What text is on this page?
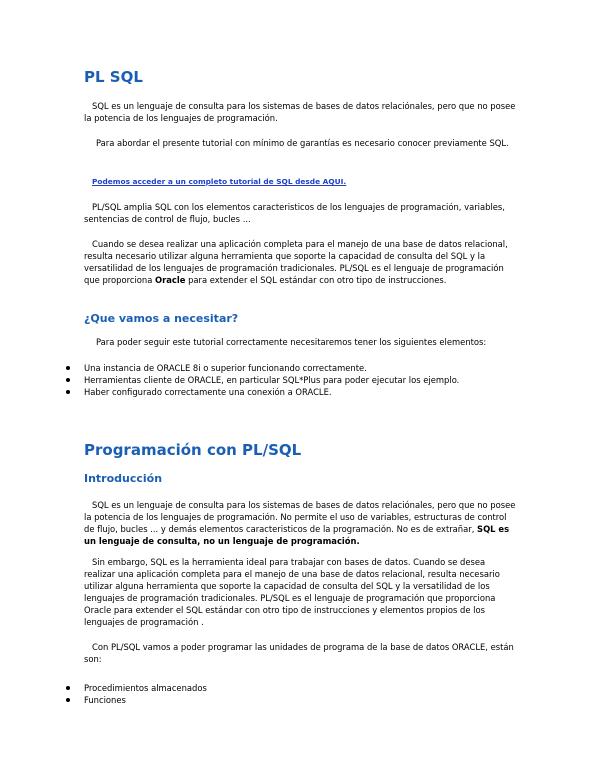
PL SQL

SQL es un lenguaje de consulta para los sistemas de bases de datos relaciónales, pero que no posee la potencia de los lenguajes de programación.

Para abordar el presente tutorial con mínimo de garantías es necesario conocer previamente SQL.

Podemos acceder a un completo tutorial de SQL desde AQUI.

PL/SQL amplia SQL con los elementos caracteristicos de los lenguajes de programación, variables, sentencias de control de flujo, bucles ...

Cuando se desea realizar una aplicación completa para el manejo de una base de datos relacional, resulta necesario utilizar alguna herramienta que soporte la capacidad de consulta del SQL y la versatilidad de los lenguajes de programación tradicionales. PL/SQL es el lenguaje de programación que proporciona Oracle para extender el SQL estándar con otro tipo de instrucciones.

¿Que vamos a necesitar?

Para poder seguir este tutorial correctamente necesitaremos tener los siguientes elementos:

Una instancia de ORACLE 8i o superior funcionando correctamente.
Herramientas cliente de ORACLE, en particular SQL*Plus para poder ejecutar los ejemplo.
Haber configurado correctamente una conexión a ORACLE.
Programación con PL/SQL
Introducción

SQL es un lenguaje de consulta para los sistemas de bases de datos relaciónales, pero que no posee la potencia de los lenguajes de programación. No permite el uso de variables, estructuras de control de flujo, bucles ... y demás elementos caracteristicos de la programación. No es de extrañar, SQL es un lenguaje de consulta, no un lenguaje de programación.

Sin embargo, SQL es la herramienta ideal para trabajar con bases de datos. Cuando se desea realizar una aplicación completa para el manejo de una base de datos relacional, resulta necesario utilizar alguna herramienta que soporte la capacidad de consulta del SQL y la versatilidad de los lenguajes de programación tradicionales. PL/SQL es el lenguaje de programación que proporciona Oracle para extender el SQL estándar con otro tipo de instrucciones y elementos propios de los lenguajes de programación .

Con PL/SQL vamos a poder programar las unidades de programa de la base de datos ORACLE, están son:

Procedimientos almacenados
Funciones
